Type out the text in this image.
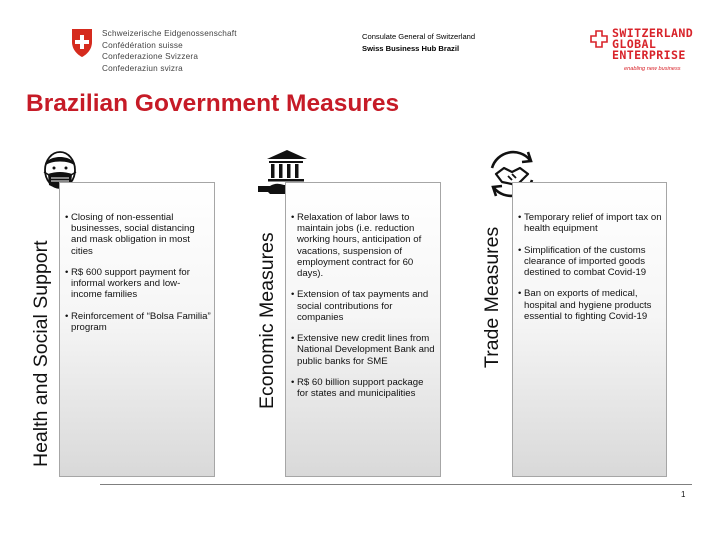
Schweizerische Eidgenossenschaft
Confédération suisse
Confederazione Svizzera
Confederaziun svizra
Consulate General of Switzerland
Swiss Business Hub Brazil
SWITZERLAND
GLOBAL
ENTERPRISE
enabling new business
Brazilian Government Measures
Health and Social Support
• Closing of non-essential businesses, social distancing and mask obligation in most cities
• R$ 600 support payment for informal workers and low-income families
• Reinforcement of “Bolsa Familia” program	Economic Measures
• Relaxation of labor laws to maintain jobs (i.e. reduction working hours, anticipation of vacations, suspension of employment contract for 60 days).
• Extension of tax payments and social contributions for companies
• Extensive new credit lines from National Development Bank and public banks for SME
• R$ 60 billion support package for states and municipalities
Trade Measures
• Temporary relief of import tax on health equipment
• Simplification of the customs clearance of imported goods destined to combat Covid-19
• Ban on exports of medical, hospital and hygiene products essential to fighting Covid-19
1
